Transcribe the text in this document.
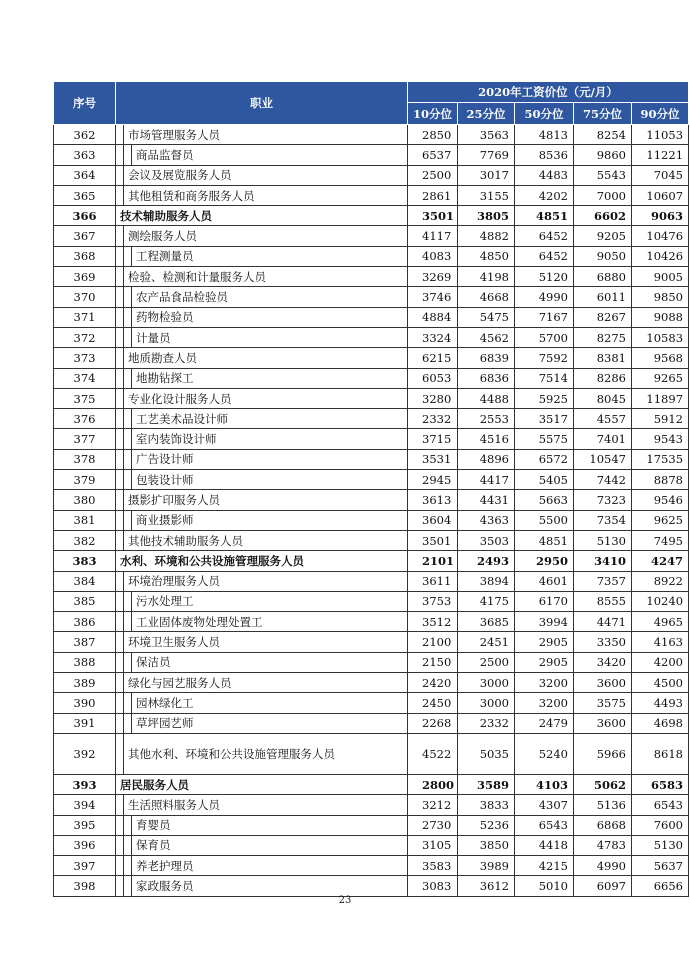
序号	职业			2020年工资价位（元/月）				
				10分位	25分位	50分位	75分位	90分位
362		市场管理服务人员		2850	3563	4813	8254	11053
363			商品监督员	6537	7769	8536	9860	11221
364		会议及展览服务人员		2500	3017	4483	5543	7045
365		其他租赁和商务服务人员		2861	3155	4202	7000	10607
366	技术辅助服务人员			3501	3805	4851	6602	9063
367		测绘服务人员		4117	4882	6452	9205	10476
368			工程测量员	4083	4850	6452	9050	10426
369		检验、检测和计量服务人员		3269	4198	5120	6880	9005
370			农产品食品检验员	3746	4668	4990	6011	9850
371			药物检验员	4884	5475	7167	8267	9088
372			计量员	3324	4562	5700	8275	10583
373		地质勘查人员		6215	6839	7592	8381	9568
374			地勘钻探工	6053	6836	7514	8286	9265
375		专业化设计服务人员		3280	4488	5925	8045	11897
376			工艺美术品设计师	2332	2553	3517	4557	5912
377			室内装饰设计师	3715	4516	5575	7401	9543
378			广告设计师	3531	4896	6572	10547	17535
379			包装设计师	2945	4417	5405	7442	8878
380		摄影扩印服务人员		3613	4431	5663	7323	9546
381			商业摄影师	3604	4363	5500	7354	9625
382		其他技术辅助服务人员		3501	3503	4851	5130	7495
383	水利、环境和公共设施管理服务人员			2101	2493	2950	3410	4247
384		环境治理服务人员		3611	3894	4601	7357	8922
385			污水处理工	3753	4175	6170	8555	10240
386			工业固体废物处理处置工	3512	3685	3994	4471	4965
387		环境卫生服务人员		2100	2451	2905	3350	4163
388			保洁员	2150	2500	2905	3420	4200
389		绿化与园艺服务人员		2420	3000	3200	3600	4500
390			园林绿化工	2450	3000	3200	3575	4493
391			草坪园艺师	2268	2332	2479	3600	4698
392		其他水利、环境和公共设施管理服务人员		4522	5035	5240	5966	8618
393	居民服务人员			2800	3589	4103	5062	6583
394		生活照料服务人员		3212	3833	4307	5136	6543
395			育婴员	2730	5236	6543	6868	7600
396			保育员	3105	3850	4418	4783	5130
397			养老护理员	3583	3989	4215	4990	5637
398			家政服务员	3083	3612	5010	6097	6656
23
